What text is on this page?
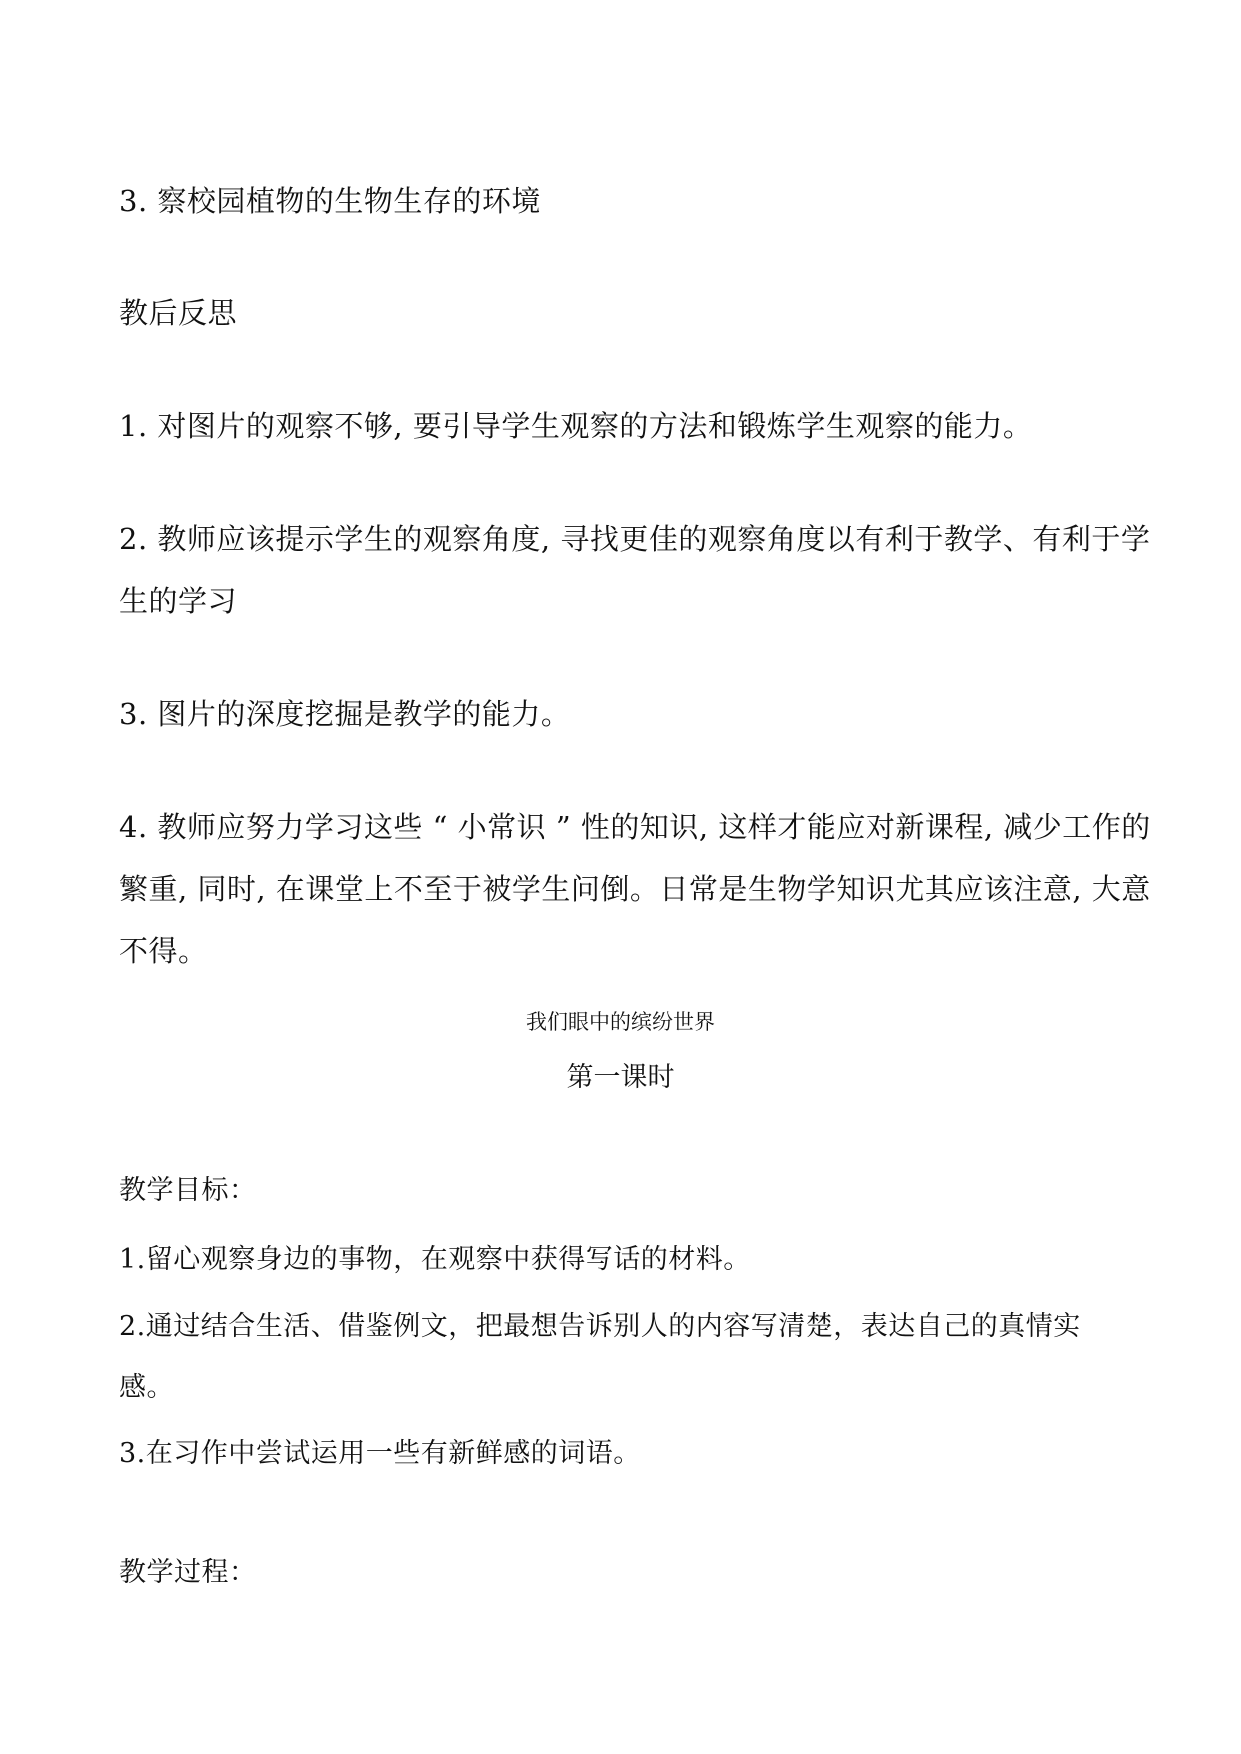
3. 察校园植物的生物生存的环境
教后反思
1. 对图片的观察不够, 要引导学生观察的方法和锻炼学生观察的能力。
2. 教师应该提示学生的观察角度, 寻找更佳的观察角度以有利于教学、有利于学
生的学习
3. 图片的深度挖掘是教学的能力。
4. 教师应努力学习这些 “ 小常识 ” 性的知识, 这样才能应对新课程, 减少工作的
繁重, 同时, 在课堂上不至于被学生问倒。日常是生物学知识尤其应该注意, 大意
不得。
我们眼中的缤纷世界
第一课时
教学目标：
1.留心观察身边的事物，在观察中获得写话的材料。
2.通过结合生活、借鉴例文，把最想告诉别人的内容写清楚，表达自己的真情实
感。
3.在习作中尝试运用一些有新鲜感的词语。
教学过程：
